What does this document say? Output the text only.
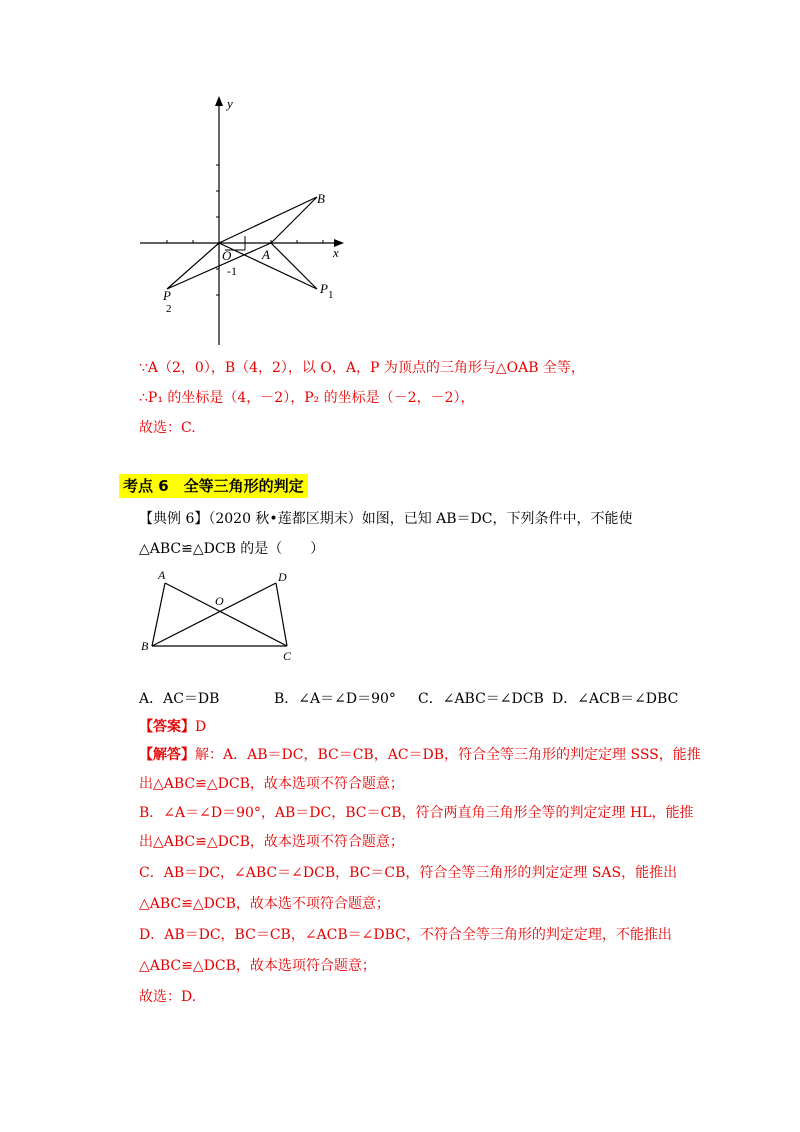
y
x
B
O A
-1
$P_1$
P 2
∵A（2，0），B（4，2），以 O，A，P 为顶点的三角形与△OAB 全等，
∴P₁ 的坐标是（4，－2），P₂ 的坐标是（－2，－2），
故选：C.
考点 6　全等三角形的判定
【典例 6】（2020 秋•莲都区期末）如图，已知 AB＝DC，下列条件中，不能使
△ABC≌△DCB 的是（　　）
A	D
O
B
C
A．AC＝DB	B．∠A＝∠D＝90° C．∠ABC＝∠DCB D．∠ACB＝∠DBC
【答案】D
【解答】解：A．AB＝DC，BC＝CB，AC＝DB，符合全等三角形的判定定理 SSS，能推
出△ABC≌△DCB，故本选项不符合题意；
B．∠A＝∠D＝90°，AB＝DC，BC＝CB，符合两直角三角形全等的判定定理 HL，能推
出△ABC≌△DCB，故本选项不符合题意；
C．AB＝DC，∠ABC＝∠DCB，BC＝CB，符合全等三角形的判定定理 SAS，能推出
△ABC≌△DCB，故本选不项符合题意；
D．AB＝DC，BC＝CB，∠ACB＝∠DBC，不符合全等三角形的判定定理，不能推出
△ABC≌△DCB，故本选项符合题意；
故选：D.
